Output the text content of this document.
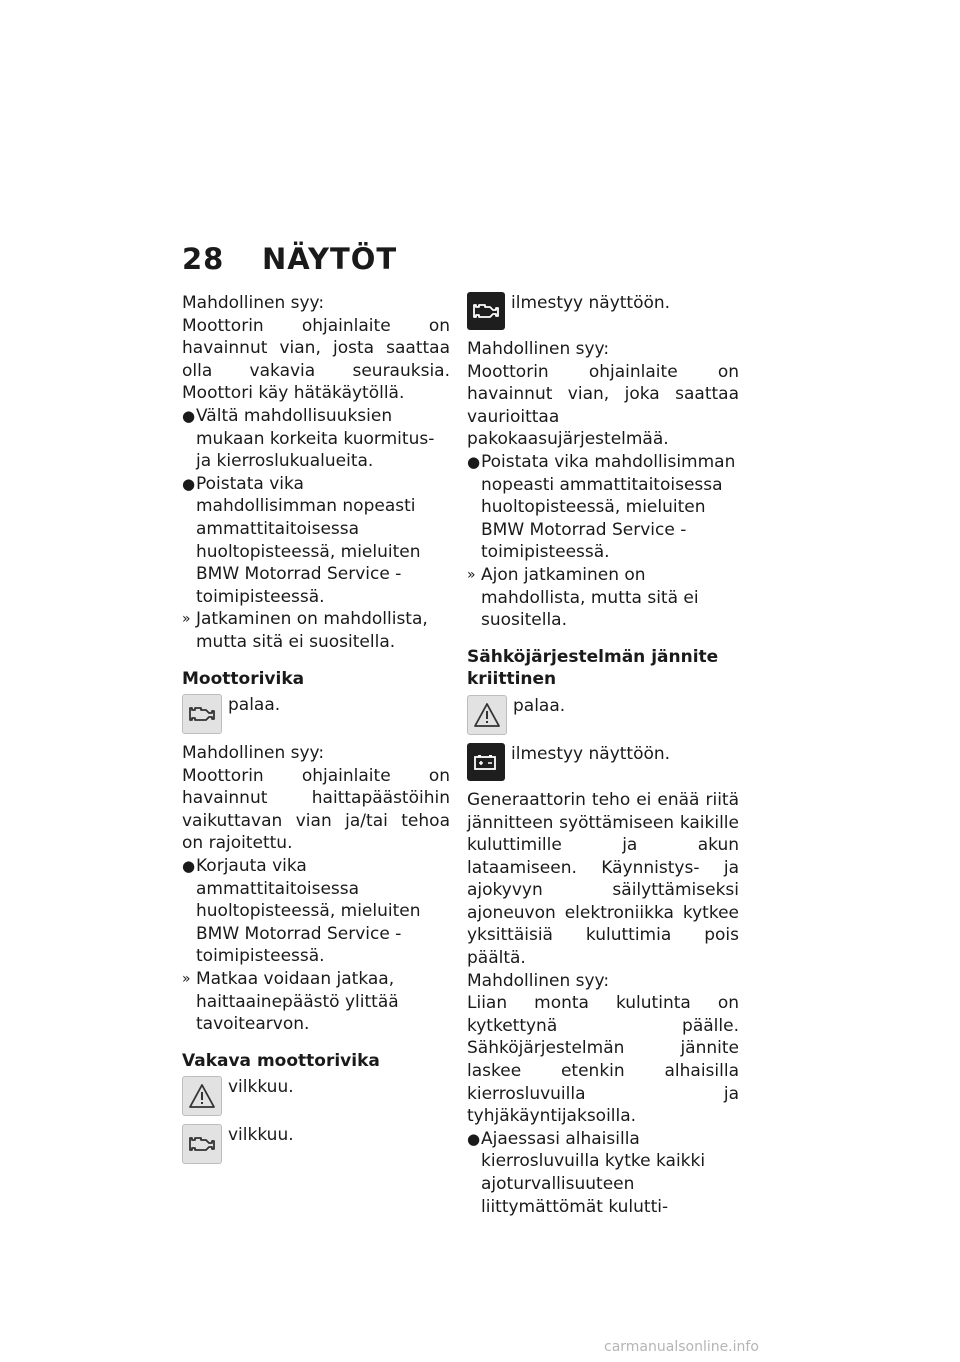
28 NÄYTÖT

Mahdollinen syy:

Moottorin ohjainlaite on havainnut vian, josta saattaa olla vakavia seurauksia. Moottori käy hätäkäytöllä.

● Vältä mahdollisuuksien mukaan korkeita kuormitus- ja kierroslukualueita.
● Poistata vika mahdollisimman nopeasti ammattitaitoisessa huoltopisteessä, mieluiten BMW Motorrad Service -toimipisteessä.
» Jatkaminen on mahdollista, mutta sitä ei suositella.

Moottorivika

palaa.

Mahdollinen syy:

Moottorin ohjainlaite on havainnut haittapäästöihin vaikuttavan vian ja/tai tehoa on rajoitettu.

● Korjauta vika ammattitaitoisessa huoltopisteessä, mieluiten BMW Motorrad Service -toimipisteessä.
» Matkaa voidaan jatkaa, haittaainepäästö ylittää tavoitearvon.

Vakava moottorivika

vilkkuu.
vilkkuu.
ilmestyy näyttöön.

Mahdollinen syy:

Moottorin ohjainlaite on havainnut vian, joka saattaa vaurioittaa pakokaasujärjestelmää.

● Poistata vika mahdollisimman nopeasti ammattitaitoisessa huoltopisteessä, mieluiten BMW Motorrad Service -toimipisteessä.
» Ajon jatkaminen on mahdollista, mutta sitä ei suositella.

Sähköjärjestelmän jännite kriittinen

palaa.
ilmestyy näyttöön.

Generaattorin teho ei enää riitä jännitteen syöttämiseen kaikille kuluttimille ja akun lataamiseen. Käynnistys- ja ajokyvyn säilyttämiseksi ajoneuvon elektroniikka kytkee yksittäisiä kuluttimia pois päältä.

Mahdollinen syy:

Liian monta kulutinta on kytkettynä päälle. Sähköjärjestelmän jännite laskee etenkin alhaisilla kierrosluvuilla ja tyhjäkäyntijaksoilla.

● Ajaessasi alhaisilla kierrosluvuilla kytke kaikki ajoturvallisuuteen liittymättömät kulutti-
carmanualsonline.info
